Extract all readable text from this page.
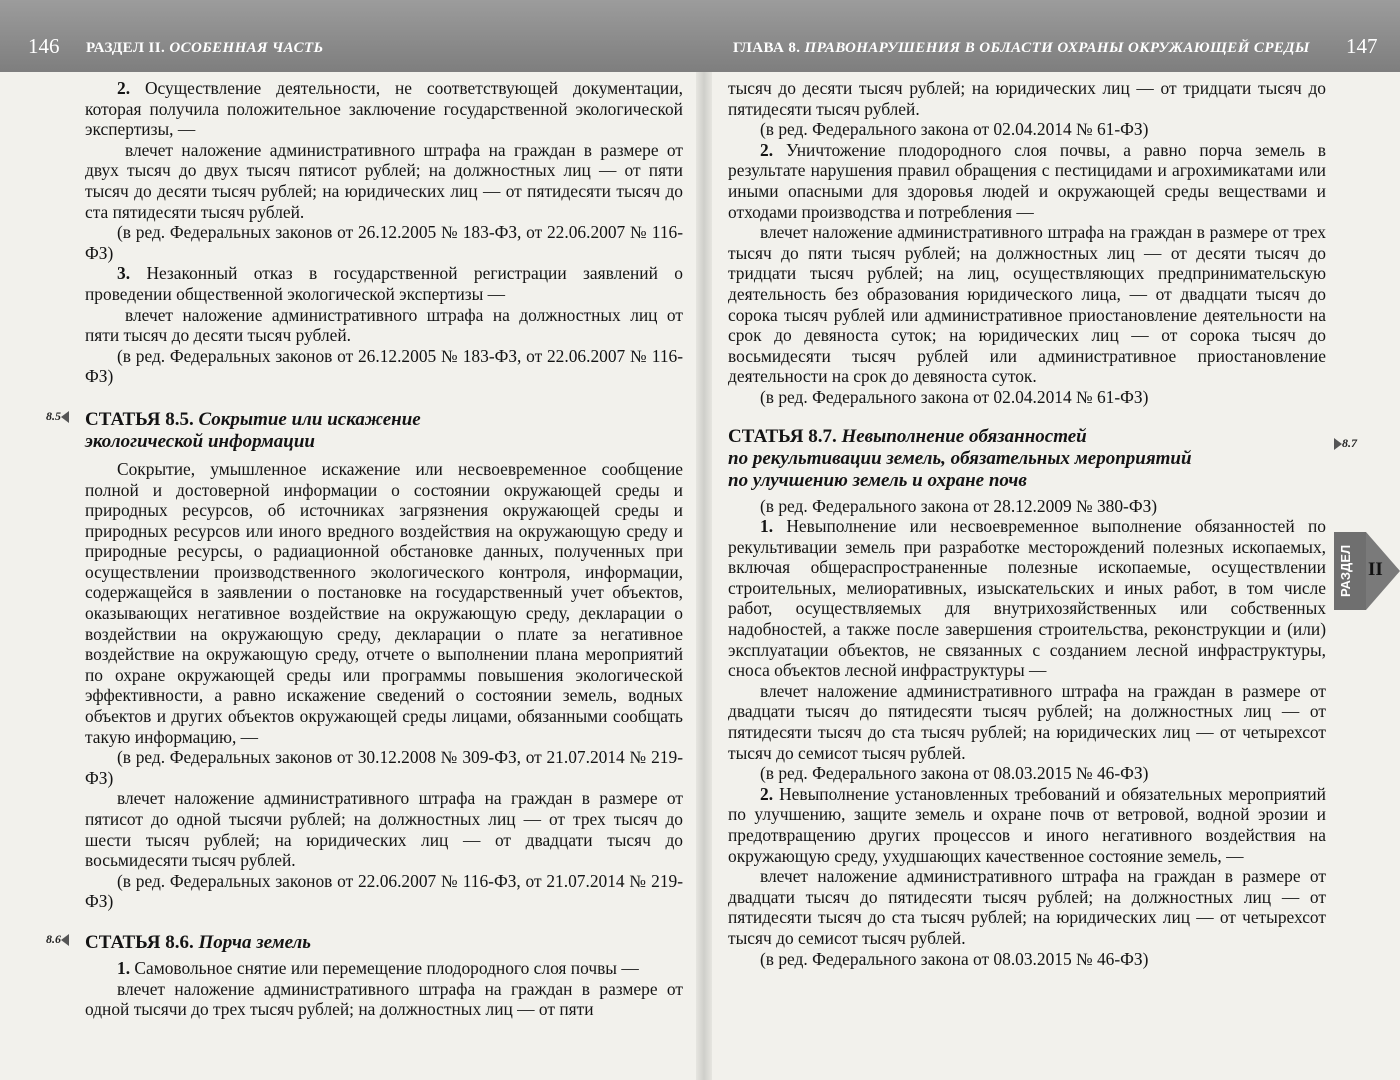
146 РАЗДЕЛ II. ОСОБЕННАЯ ЧАСТЬ	ГЛАВА 8. ПРАВОНАРУШЕНИЯ В ОБЛАСТИ ОХРАНЫ ОКРУЖАЮЩЕЙ СРЕДЫ 147

2. Осуществление деятельности, не соответствующей документации, которая получила положительное заключение государственной экологической экспертизы, —

влечет наложение административного штрафа на граждан в размере от двух тысяч до двух тысяч пятисот рублей; на должностных лиц — от пяти тысяч до десяти тысяч рублей; на юридических лиц — от пятидесяти тысяч до ста пятидесяти тысяч рублей.

(в ред. Федеральных законов от 26.12.2005 № 183-ФЗ, от 22.06.2007 № 116-ФЗ)

3. Незаконный отказ в государственной регистрации заявлений о проведении общественной экологической экспертизы —

влечет наложение административного штрафа на должностных лиц от пяти тысяч до десяти тысяч рублей.

(в ред. Федеральных законов от 26.12.2005 № 183-ФЗ, от 22.06.2007 № 116-ФЗ)

СТАТЬЯ 8.5. Сокрытие или искажение
экологической информации

Сокрытие, умышленное искажение или несвоевременное сообщение полной и достоверной информации о состоянии окружающей среды и природных ресурсов, об источниках загрязнения окружающей среды и природных ресурсов или иного вредного воздействия на окружающую среду и природные ресурсы, о радиационной обстановке данных, полученных при осуществлении производственного экологического контроля, информации, содержащейся в заявлении о постановке на государственный учет объектов, оказывающих негативное воздействие на окружающую среду, декларации о воздействии на окружающую среду, декларации о плате за негативное воздействие на окружающую среду, отчете о выполнении плана мероприятий по охране окружающей среды или программы повышения экологической эффективности, а равно искажение сведений о состоянии земель, водных объектов и других объектов окружающей среды лицами, обязанными сообщать такую информацию, —

(в ред. Федеральных законов от 30.12.2008 № 309-ФЗ, от 21.07.2014 № 219-ФЗ)

влечет наложение административного штрафа на граждан в размере от пятисот до одной тысячи рублей; на должностных лиц — от трех тысяч до шести тысяч рублей; на юридических лиц — от двадцати тысяч до восьмидесяти тысяч рублей.

(в ред. Федеральных законов от 22.06.2007 № 116-ФЗ, от 21.07.2014 № 219-ФЗ)

СТАТЬЯ 8.6. Порча земель

1. Самовольное снятие или перемещение плодородного слоя почвы —

влечет наложение административного штрафа на граждан в размере от одной тысячи до трех тысяч рублей; на должностных лиц — от пяти

8.5
8.6

тысяч до десяти тысяч рублей; на юридических лиц — от тридцати тысяч до пятидесяти тысяч рублей.

(в ред. Федерального закона от 02.04.2014 № 61-ФЗ)

2. Уничтожение плодородного слоя почвы, а равно порча земель в результате нарушения правил обращения с пестицидами и агрохимикатами или иными опасными для здоровья людей и окружающей среды веществами и отходами производства и потребления —

влечет наложение административного штрафа на граждан в размере от трех тысяч до пяти тысяч рублей; на должностных лиц — от десяти тысяч до тридцати тысяч рублей; на лиц, осуществляющих предпринимательскую деятельность без образования юридического лица, — от двадцати тысяч до сорока тысяч рублей или административное приостановление деятельности на срок до девяноста суток; на юридических лиц — от сорока тысяч до восьмидесяти тысяч рублей или административное приостановление деятельности на срок до девяноста суток.

(в ред. Федерального закона от 02.04.2014 № 61-ФЗ)

СТАТЬЯ 8.7. Невыполнение обязанностей
по рекультивации земель, обязательных мероприятий
по улучшению земель и охране почв

(в ред. Федерального закона от 28.12.2009 № 380-ФЗ)

1. Невыполнение или несвоевременное выполнение обязанностей по рекультивации земель при разработке месторождений полезных ископаемых, включая общераспространенные полезные ископаемые, осуществлении строительных, мелиоративных, изыскательских и иных работ, в том числе работ, осуществляемых для внутрихозяйственных или собственных надобностей, а также после завершения строительства, реконструкции и (или) эксплуатации объектов, не связанных с созданием лесной инфраструктуры, сноса объектов лесной инфраструктуры —

влечет наложение административного штрафа на граждан в размере от двадцати тысяч до пятидесяти тысяч рублей; на должностных лиц — от пятидесяти тысяч до ста тысяч рублей; на юридических лиц — от четырехсот тысяч до семисот тысяч рублей.

(в ред. Федерального закона от 08.03.2015 № 46-ФЗ)

2. Невыполнение установленных требований и обязательных мероприятий по улучшению, защите земель и охране почв от ветровой, водной эрозии и предотвращению других процессов и иного негативного воздействия на окружающую среду, ухудшающих качественное состояние земель, —

влечет наложение административного штрафа на граждан в размере от двадцати тысяч до пятидесяти тысяч рублей; на должностных лиц — от пятидесяти тысяч до ста тысяч рублей; на юридических лиц — от четырехсот тысяч до семисот тысяч рублей.

(в ред. Федерального закона от 08.03.2015 № 46-ФЗ)

8.7
РАЗДЕЛ II
